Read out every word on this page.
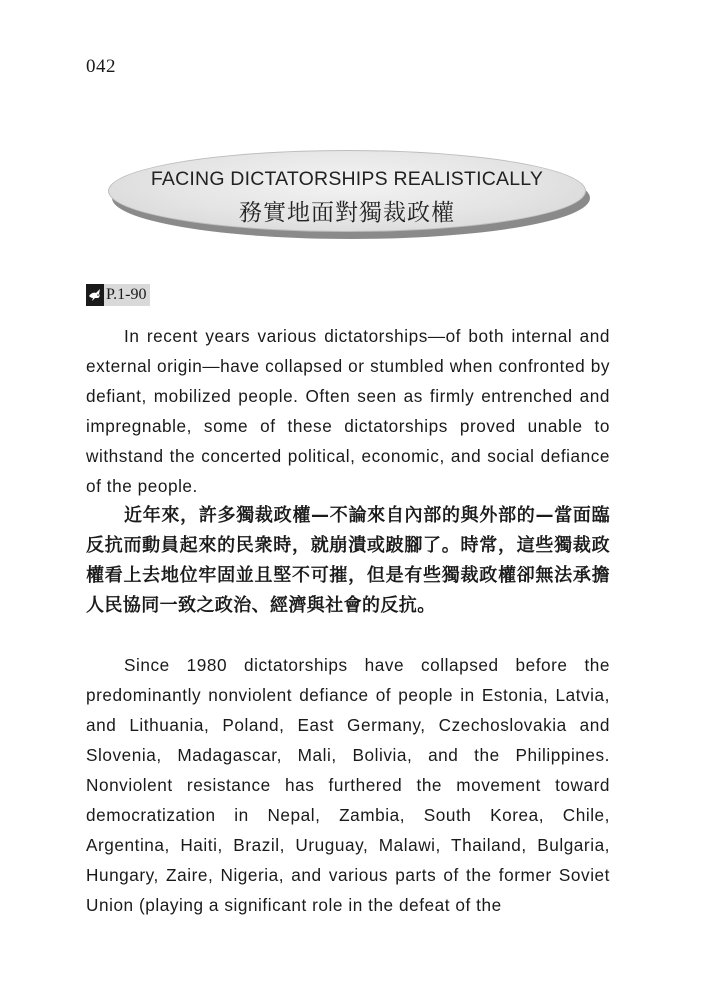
042
FACING DICTATORSHIPS REALISTICALLY
務實地面對獨裁政權
P.1-90

In recent years various dictatorships—of both internal and external origin—have collapsed or stumbled when confronted by defiant, mobilized people. Often seen as firmly entrenched and impregnable, some of these dictatorships proved unable to withstand the concerted political, economic, and social defiance of the people.

近年來，許多獨裁政權—不論來自內部的與外部的—當面臨反抗而動員起來的民衆時，就崩潰或跛腳了。時常，這些獨裁政權看上去地位牢固並且堅不可摧，但是有些獨裁政權卻無法承擔人民協同一致之政治、經濟與社會的反抗。

Since 1980 dictatorships have collapsed before the predominantly nonviolent defiance of people in Estonia, Latvia, and Lithuania, Poland, East Germany, Czechoslovakia and Slovenia, Madagascar, Mali, Bolivia, and the Philippines. Nonviolent resistance has furthered the movement toward democratization in Nepal, Zambia, South Korea, Chile, Argentina, Haiti, Brazil, Uruguay, Malawi, Thailand, Bulgaria, Hungary, Zaire, Nigeria, and various parts of the former Soviet Union (playing a significant role in the defeat of the
